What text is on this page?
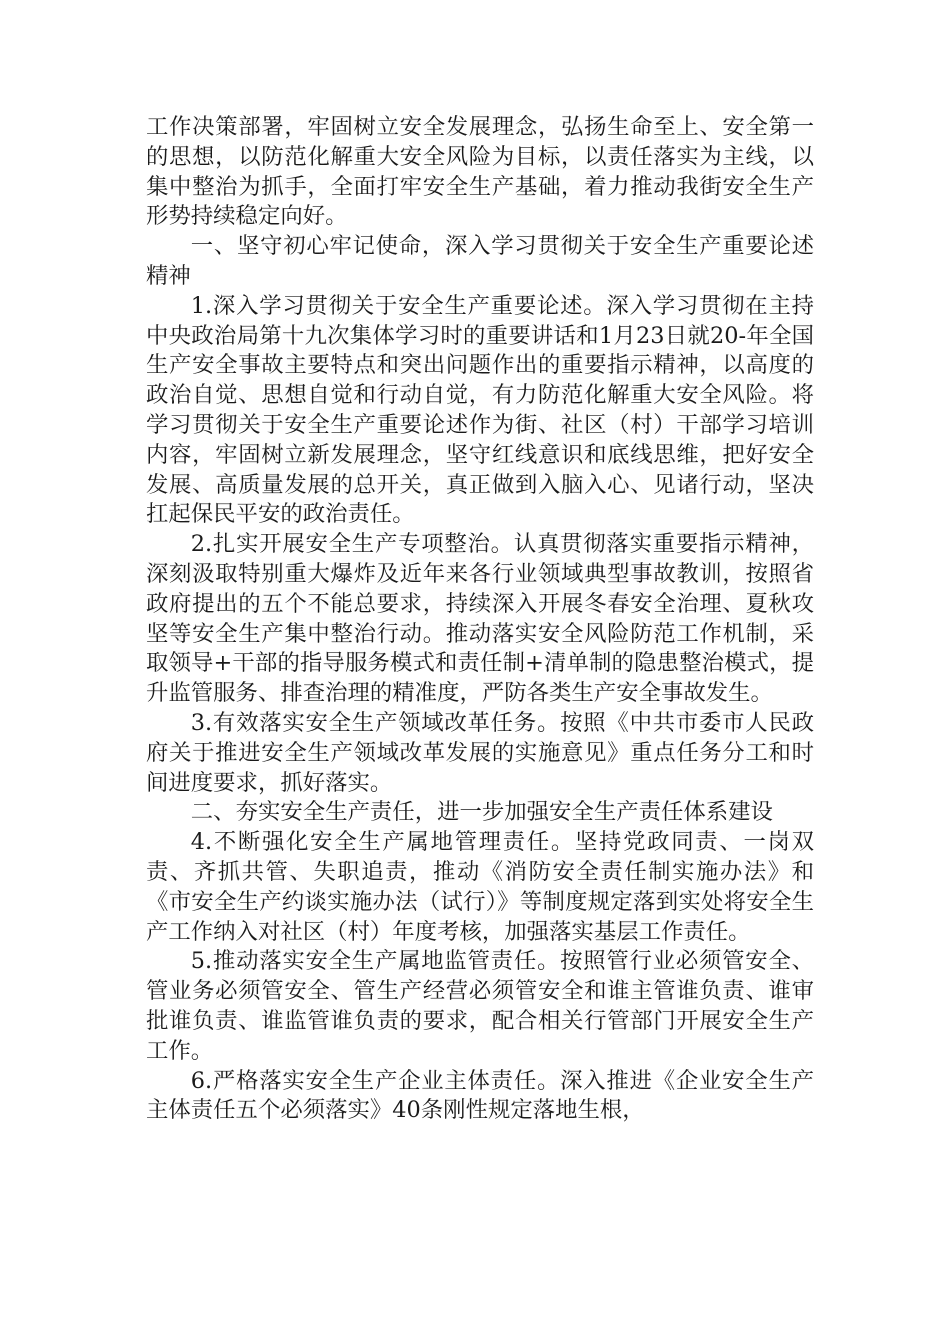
工作决策部署，牢固树立安全发展理念，弘扬生命至上、安全第一的思想，以防范化解重大安全风险为目标，以责任落实为主线，以集中整治为抓手，全面打牢安全生产基础，着力推动我街安全生产形势持续稳定向好。

一、坚守初心牢记使命，深入学习贯彻关于安全生产重要论述精神

1.深入学习贯彻关于安全生产重要论述。深入学习贯彻在主持中央政治局第十九次集体学习时的重要讲话和1月23日就20-年全国生产安全事故主要特点和突出问题作出的重要指示精神，以高度的政治自觉、思想自觉和行动自觉，有力防范化解重大安全风险。将学习贯彻关于安全生产重要论述作为街、社区（村）干部学习培训内容，牢固树立新发展理念，坚守红线意识和底线思维，把好安全发展、高质量发展的总开关，真正做到入脑入心、见诸行动，坚决扛起保民平安的政治责任。

2.扎实开展安全生产专项整治。认真贯彻落实重要指示精神，深刻汲取特别重大爆炸及近年来各行业领域典型事故教训，按照省政府提出的五个不能总要求，持续深入开展冬春安全治理、夏秋攻坚等安全生产集中整治行动。推动落实安全风险防范工作机制，采取领导+干部的指导服务模式和责任制+清单制的隐患整治模式，提升监管服务、排查治理的精准度，严防各类生产安全事故发生。

3.有效落实安全生产领域改革任务。按照《中共市委市人民政府关于推进安全生产领域改革发展的实施意见》重点任务分工和时间进度要求，抓好落实。

二、夯实安全生产责任，进一步加强安全生产责任体系建设

4.不断强化安全生产属地管理责任。坚持党政同责、一岗双责、齐抓共管、失职追责，推动《消防安全责任制实施办法》和《市安全生产约谈实施办法（试行）》等制度规定落到实处将安全生产工作纳入对社区（村）年度考核，加强落实基层工作责任。

5.推动落实安全生产属地监管责任。按照管行业必须管安全、管业务必须管安全、管生产经营必须管安全和谁主管谁负责、谁审批谁负责、谁监管谁负责的要求，配合相关行管部门开展安全生产工作。

6.严格落实安全生产企业主体责任。深入推进《企业安全生产主体责任五个必须落实》40条刚性规定落地生根，
